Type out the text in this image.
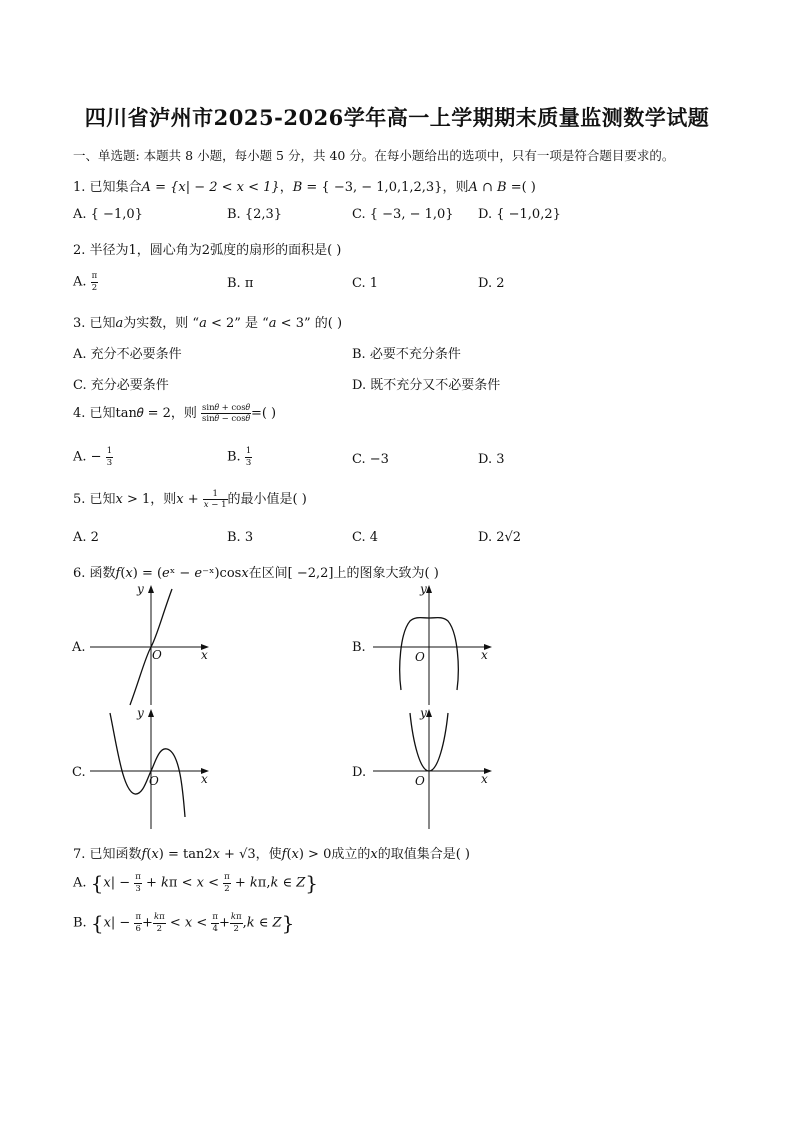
四川省泸州市2025-2026学年高一上学期期末质量监测数学试题
一、单选题: 本题共 8 小题，每小题 5 分，共 40 分。在每小题给出的选项中，只有一项是符合题目要求的。
1. 已知集合𝐴 = {𝑥| − 2 < 𝑥 < 1}，𝐵 = { −3, − 1,0,1,2,3}，则𝐴 ∩ 𝐵 =( )
A. { −1,0}	B. {2,3}	C. { −3, − 1,0} D. { −1,0,2}
2. 半径为1，圆心角为2弧度的扇形的面积是( )
A. $\frac{\pi}{2}$	B. π	C. 1	D. 2
3. 已知𝑎为实数，则 “𝑎 < 2” 是 “𝑎 < 3” 的( )
A. 充分不必要条件	B. 必要不充分条件
C. 充分必要条件	D. 既不充分又不必要条件
4. 已知tan𝜃 = 2，则 $\frac{\text{sin𝜃 + cos𝜃}}{\text{sin𝜃 − cos𝜃}}$ =( )
A. − $\frac{1}{3}$	B. $\frac{1}{3}$	C. −3	D. 3
5. 已知𝑥 > 1，则𝑥 + $\frac{1}{\text{𝑥 − 1}}$ 的最小值是( )
A. 2	B. 3	C. 4	D. 2√2
6. 函数𝑓(𝑥) = (𝑒ˣ − 𝑒⁻ˣ)cos𝑥在区间[ −2,2]上的图象大致为( )
A.	B.
C.	D.
x
y
O	x
y
O
x
y
O	x
y
O
7. 已知函数𝑓(𝑥) = tan2𝑥 + √3，使𝑓(𝑥) > 0成立的𝑥的取值集合是( )
A. {𝑥| − $\frac{\pi}{3}$ + 𝑘π < 𝑥 < $\frac{\pi}{2}$ + 𝑘π,𝑘 ∈ 𝑍}
B. {𝑥| − $\frac{\pi}{6} + \frac{\text{𝑘π}}{2}$ < 𝑥 < $\frac{\pi}{4} + \frac{\text{𝑘π}}{2}$ ,𝑘 ∈ 𝑍}
